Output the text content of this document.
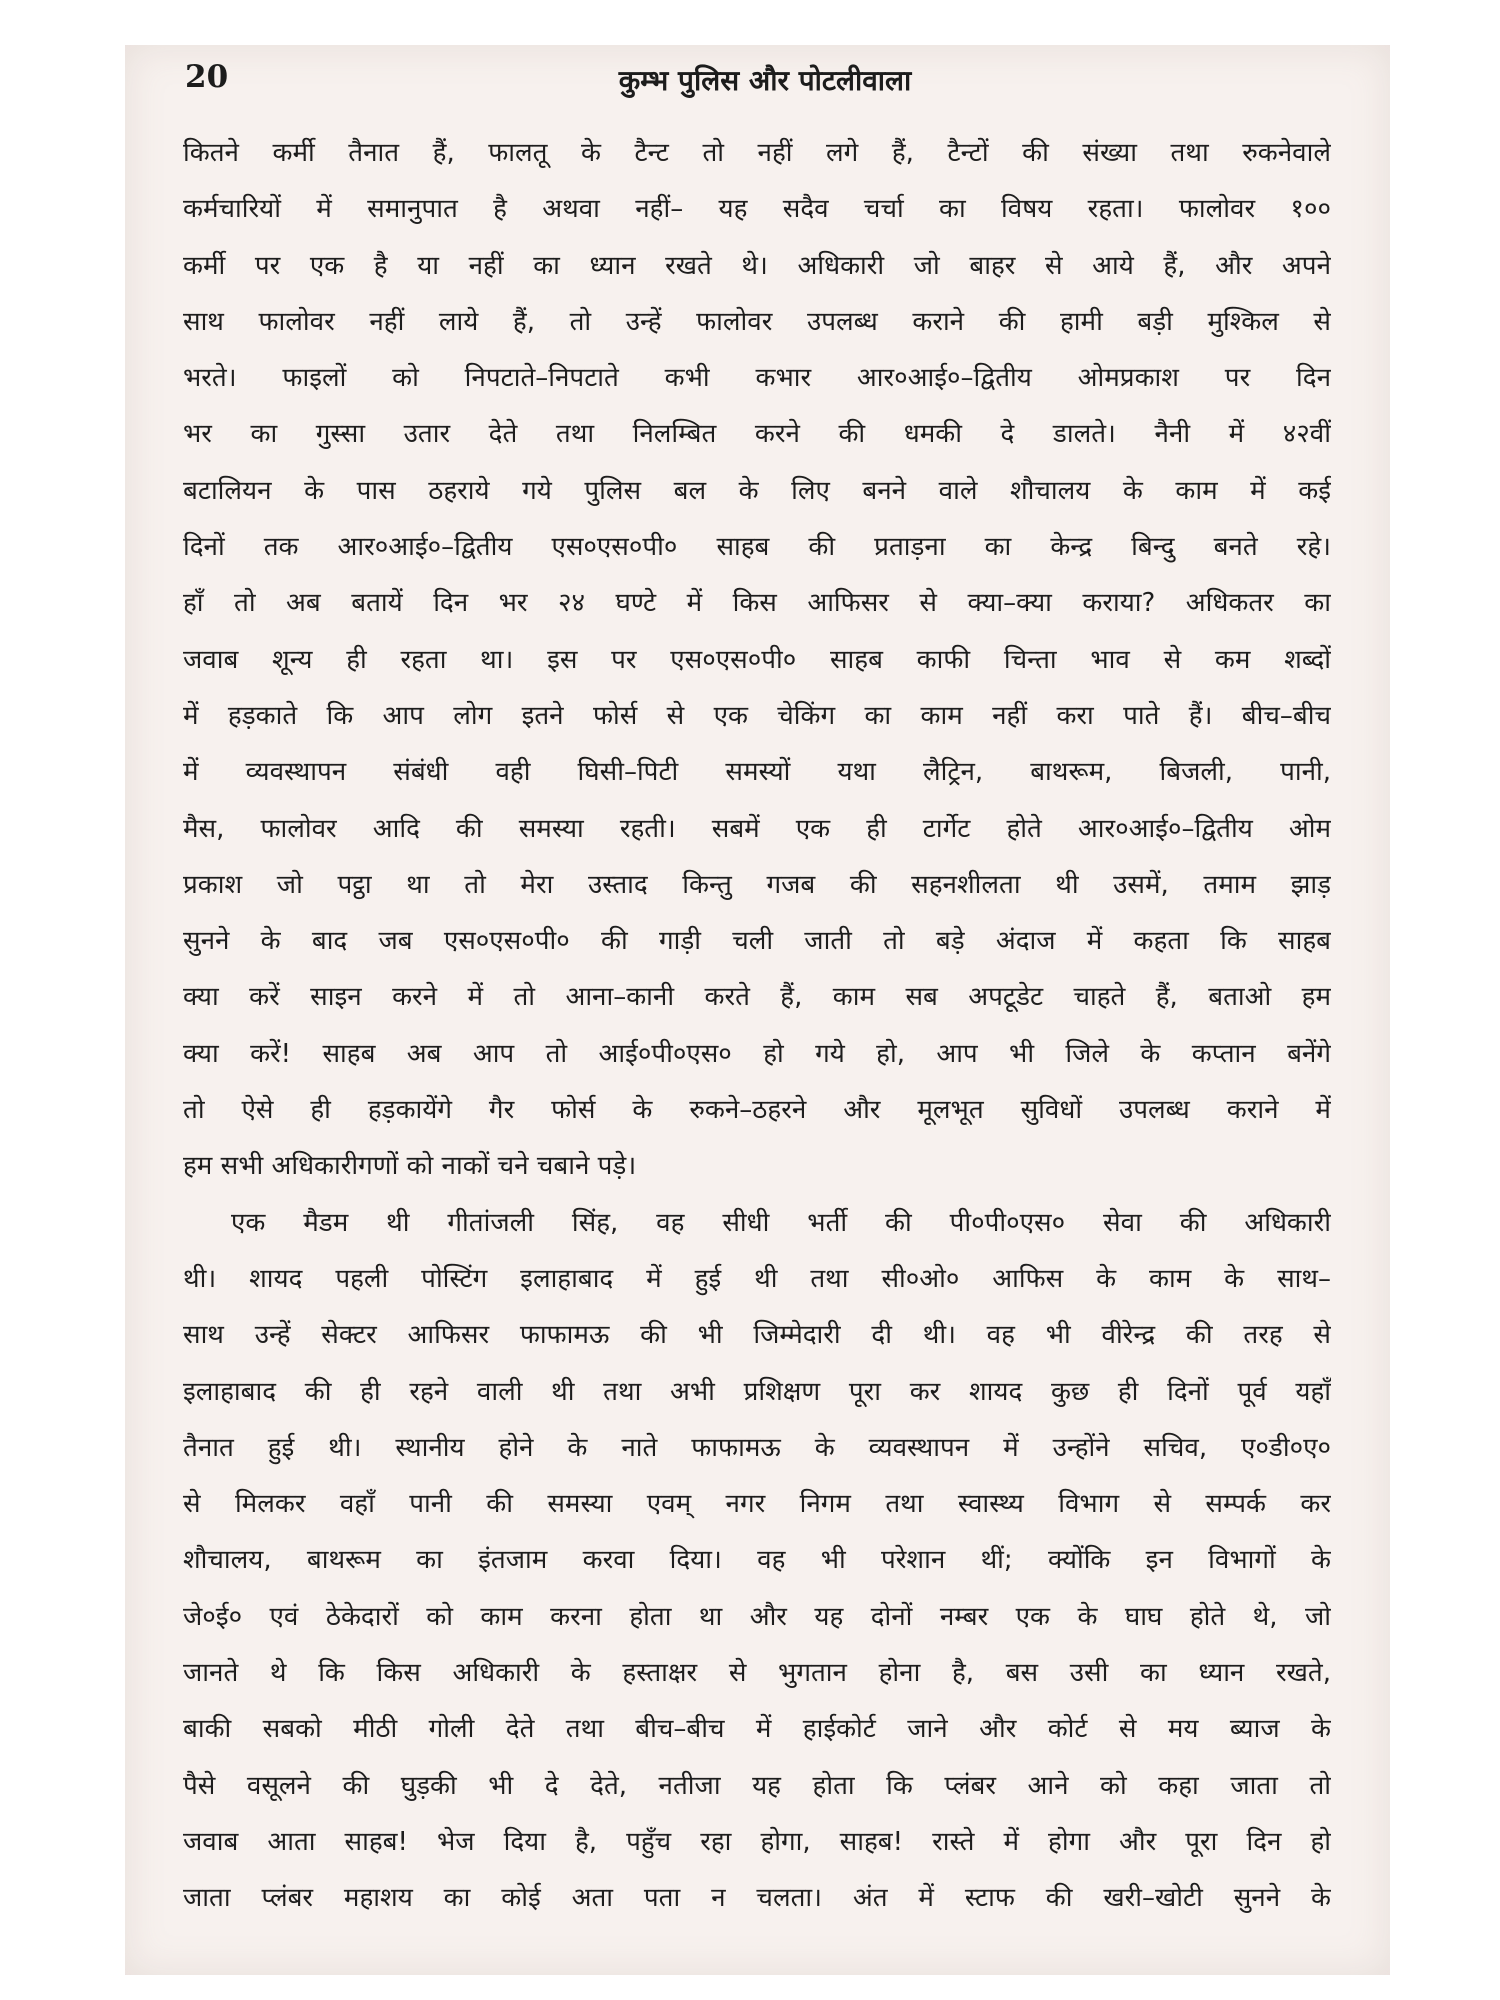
20	कुम्भ पुलिस और पोटलीवाला
कितने कर्मी तैनात हैं, फालतू के टैन्ट तो नहीं लगे हैं, टैन्टों की संख्या तथा रुकनेवाले
कर्मचारियों में समानुपात है अथवा नहीं– यह सदैव चर्चा का विषय रहता। फालोवर १००
कर्मी पर एक है या नहीं का ध्यान रखते थे। अधिकारी जो बाहर से आये हैं, और अपने
साथ फालोवर नहीं लाये हैं, तो उन्हें फालोवर उपलब्ध कराने की हामी बड़ी मुश्किल से
भरते। फाइलों को निपटाते–निपटाते कभी कभार आर०आई०–द्वितीय ओमप्रकाश पर दिन
भर का गुस्सा उतार देते तथा निलम्बित करने की धमकी दे डालते। नैनी में ४२वीं
बटालियन के पास ठहराये गये पुलिस बल के लिए बनने वाले शौचालय के काम में कई
दिनों तक आर०आई०–द्वितीय एस०एस०पी० साहब की प्रताड़ना का केन्द्र बिन्दु बनते रहे।
हाँ तो अब बतायें दिन भर २४ घण्टे में किस आफिसर से क्या–क्या कराया? अधिकतर का
जवाब शून्य ही रहता था। इस पर एस०एस०पी० साहब काफी चिन्ता भाव से कम शब्दों
में हड़काते कि आप लोग इतने फोर्स से एक चेकिंग का काम नहीं करा पाते हैं। बीच–बीच
में व्यवस्थापन संबंधी वही घिसी–पिटी समस्यों यथा लैट्रिन, बाथरूम, बिजली, पानी,
मैस, फालोवर आदि की समस्या रहती। सबमें एक ही टार्गेट होते आर०आई०–द्वितीय ओम
प्रकाश जो पट्ठा था तो मेरा उस्ताद किन्तु गजब की सहनशीलता थी उसमें, तमाम झाड़
सुनने के बाद जब एस०एस०पी० की गाड़ी चली जाती तो बड़े अंदाज में कहता कि साहब
क्या करें साइन करने में तो आना–कानी करते हैं, काम सब अपटूडेट चाहते हैं, बताओ हम
क्या करें! साहब अब आप तो आई०पी०एस० हो गये हो, आप भी जिले के कप्तान बनेंगे
तो ऐसे ही हड़कायेंगे गैर फोर्स के रुकने–ठहरने और मूलभूत सुविधों उपलब्ध कराने में
हम सभी अधिकारीगणों को नाकों चने चबाने पड़े।
एक मैडम थी गीतांजली सिंह, वह सीधी भर्ती की पी०पी०एस० सेवा की अधिकारी
थी। शायद पहली पोस्टिंग इलाहाबाद में हुई थी तथा सी०ओ० आफिस के काम के साथ–
साथ उन्हें सेक्टर आफिसर फाफामऊ की भी जिम्मेदारी दी थी। वह भी वीरेन्द्र की तरह से
इलाहाबाद की ही रहने वाली थी तथा अभी प्रशिक्षण पूरा कर शायद कुछ ही दिनों पूर्व यहाँ
तैनात हुई थी। स्थानीय होने के नाते फाफामऊ के व्यवस्थापन में उन्होंने सचिव, ए०डी०ए०
से मिलकर वहाँ पानी की समस्या एवम् नगर निगम तथा स्वास्थ्य विभाग से सम्पर्क कर
शौचालय, बाथरूम का इंतजाम करवा दिया। वह भी परेशान थीं; क्योंकि इन विभागों के
जे०ई० एवं ठेकेदारों को काम करना होता था और यह दोनों नम्बर एक के घाघ होते थे, जो
जानते थे कि किस अधिकारी के हस्ताक्षर से भुगतान होना है, बस उसी का ध्यान रखते,
बाकी सबको मीठी गोली देते तथा बीच–बीच में हाईकोर्ट जाने और कोर्ट से मय ब्याज के
पैसे वसूलने की घुड़की भी दे देते, नतीजा यह होता कि प्लंबर आने को कहा जाता तो
जवाब आता साहब! भेज दिया है, पहुँच रहा होगा, साहब! रास्ते में होगा और पूरा दिन हो
जाता प्लंबर महाशय का कोई अता पता न चलता। अंत में स्टाफ की खरी–खोटी सुनने के
